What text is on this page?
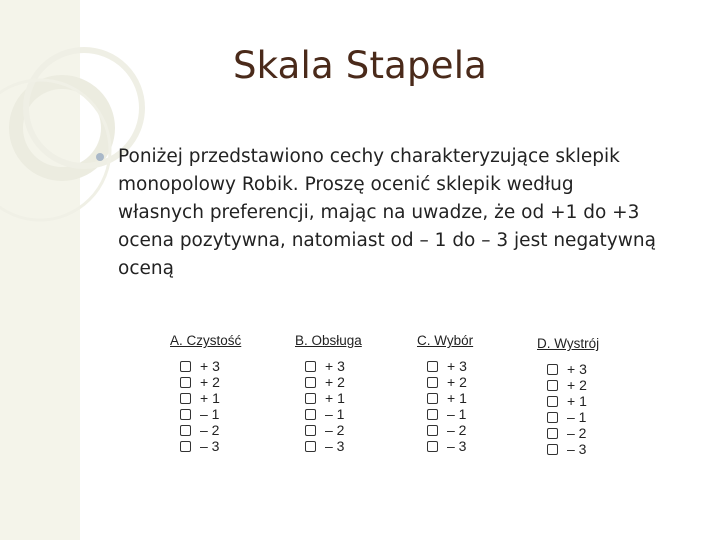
Skala Stapela
Poniżej przedstawiono cechy charakteryzujące sklepik monopolowy Robik. Proszę ocenić sklepik według własnych preferencji, mając na uwadze, że od +1 do +3 ocena pozytywna, natomiast od – 1 do – 3 jest negatywną oceną
A. Czystość
+ 3
+ 2
+ 1
– 1
– 2
– 3
B. Obsługa
+ 3
+ 2
+ 1
– 1
– 2
– 3
C. Wybór
+ 3
+ 2
+ 1
– 1
– 2
– 3
D. Wystrój
+ 3
+ 2
+ 1
– 1
– 2
– 3
